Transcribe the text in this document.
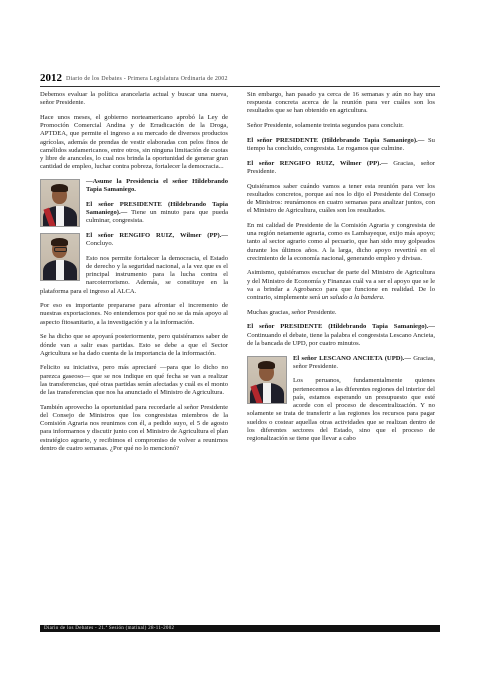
2012 Diario de los Debates - Primera Legislatura Ordinaria de 2002

Debemos evaluar la política arancelaria actual y buscar una nueva, señor Presidente.

Hace unos meses, el gobierno norteamericano aprobó la Ley de Promoción Comercial Andina y de Erradicación de la Droga, APTDEA, que permite el ingreso a su mercado de diversos productos agrícolas, además de prendas de vestir elaboradas con pelos finos de camélidos sudamericanos, entre otros, sin ninguna limitación de cuotas y libre de aranceles, lo cual nos brinda la oportunidad de generar gran cantidad de empleo, luchar contra pobreza, fortalecer la democracia...

—Asume la Presidencia el señor Hildebrando Tapia Samaniego.

El señor PRESIDENTE (Hildebrando Tapia Samaniego).— Tiene un minuto para que pueda culminar, congresista.

El señor RENGIFO RUIZ, Wilmer (PP).— Concluyo.

Esto nos permite fortalecer la democracia, el Estado de derecho y la seguridad nacional, a la vez que es el principal instrumento para la lucha contra el narcoterrorismo. Además, se constituye en la plataforma para el ingreso al ALCA.

Por eso es importante prepararse para afrontar el incremento de nuestras exportaciones. No entendemos por qué no se da más apoyo al aspecto fitosanitario, a la investigación y a la información.

Se ha dicho que se apoyará posteriormente, pero quisiéramos saber de dónde van a salir esas partidas. Esto se debe a que el Sector Agricultura se ha dado cuenta de la importancia de la información.

Felicito su iniciativa, pero más apreciaré —para que lo dicho no parezca gaseoso— que se nos indique en qué fecha se van a realizar las transferencias, qué otras partidas serán afectadas y cuál es el monto de las transferencias que nos ha anunciado el Ministro de Agricultura.

También aprovecho la oportunidad para recordarle al señor Presidente del Consejo de Ministros que los congresistas miembros de la Comisión Agraria nos reunimos con él, a pedido suyo, el 5 de agosto para informarnos y discutir junto con el Ministro de Agricultura el plan estratégico agrario, y recibimos el compromiso de volver a reunirnos dentro de cuatro semanas. ¿Por qué no lo mencionó?

Sin embargo, han pasado ya cerca de 16 semanas y aún no hay una respuesta concreta acerca de la reunión para ver cuáles son los resultados que se han obtenido en agricultura.

Señor Presidente, solamente treinta segundos para concluir.

El señor PRESIDENTE (Hildebrando Tapia Samaniego).— Su tiempo ha concluido, congresista. Le rogamos que culmine.

El señor RENGIFO RUIZ, Wilmer (PP).— Gracias, señor Presidente.

Quisiéramos saber cuándo vamos a tener esta reunión para ver los resultados concretos, porque así nos lo dijo el Presidente del Consejo de Ministros: reunámonos en cuatro semanas para analizar juntos, con el Ministro de Agricultura, cuáles son los resultados.

En mi calidad de Presidente de la Comisión Agraria y congresista de una región netamente agraria, como es Lambayeque, exijo más apoyo; tanto al sector agrario como al pecuario, que han sido muy golpeados durante los últimos años. A la larga, dicho apoyo revertirá en el crecimiento de la economía nacional, generando empleo y divisas.

Asimismo, quisiéramos escuchar de parte del Ministro de Agricultura y del Ministro de Economía y Finanzas cuál va a ser el apoyo que se le va a brindar a Agrobanco para que funcione en realidad. De lo contrario, simplemente será un saludo a la bandera.

Muchas gracias, señor Presidente.

El señor PRESIDENTE (Hildebrando Tapia Samaniego).— Continuando el debate, tiene la palabra el congresista Lescano Ancieta, de la bancada de UPD, por cuatro minutos.

El señor LESCANO ANCIETA (UPD).— Gracias, señor Presidente.

Los peruanos, fundamentalmente quienes pertenecemos a las diferentes regiones del interior del país, estamos esperando un presupuesto que esté acorde con el proceso de descentralización. Y no solamente se trata de transferir a las regiones los recursos para pagar sueldos o costear aquellas otras actividades que se realizan dentro de los diferentes sectores del Estado, sino que el proceso de regionalización se tiene que llevar a cabo

Diario de los Debates - 21.ª Sesión (matinal) 28-11-2002
